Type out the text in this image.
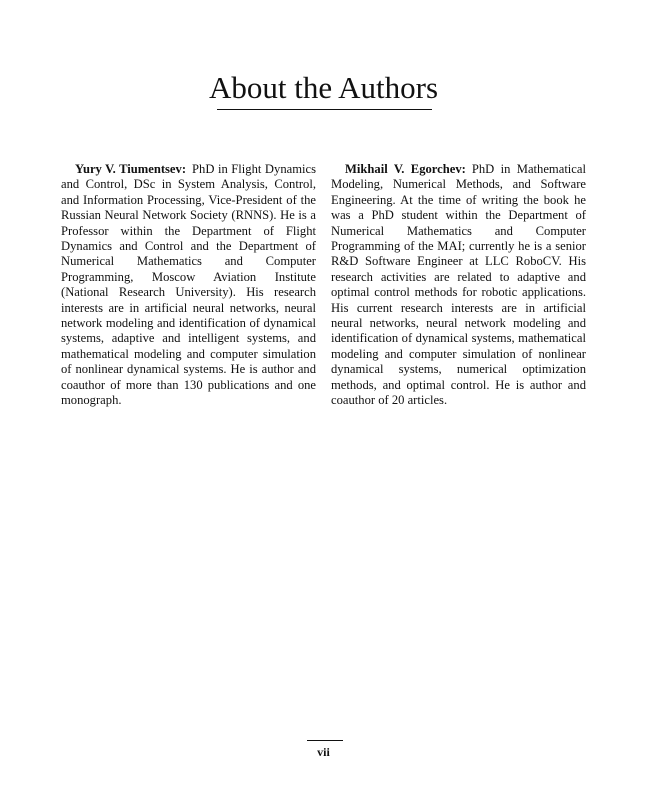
About the Authors

Yury V. Tiumentsev: PhD in Flight Dynamics and Control, DSc in System Analysis, Control, and Information Processing, Vice-President of the Russian Neural Network Society (RNNS). He is a Professor within the Department of Flight Dynamics and Control and the Department of Numerical Mathematics and Computer Programming, Moscow Aviation Institute (National Research University). His research interests are in artificial neural networks, neural network modeling and identification of dynamical systems, adaptive and intelligent systems, and mathematical modeling and computer simulation of nonlinear dynamical systems. He is author and coauthor of more than 130 publications and one monograph.

Mikhail V. Egorchev: PhD in Mathematical Modeling, Numerical Methods, and Software Engineering. At the time of writing the book he was a PhD student within the Department of Numerical Mathematics and Computer Programming of the MAI; currently he is a senior R&D Software Engineer at LLC RoboCV. His research activities are related to adaptive and optimal control methods for robotic applications. His current research interests are in artificial neural networks, neural network modeling and identification of dynamical systems, mathematical modeling and computer simulation of nonlinear dynamical systems, numerical optimization methods, and optimal control. He is author and coauthor of 20 articles.

vii
